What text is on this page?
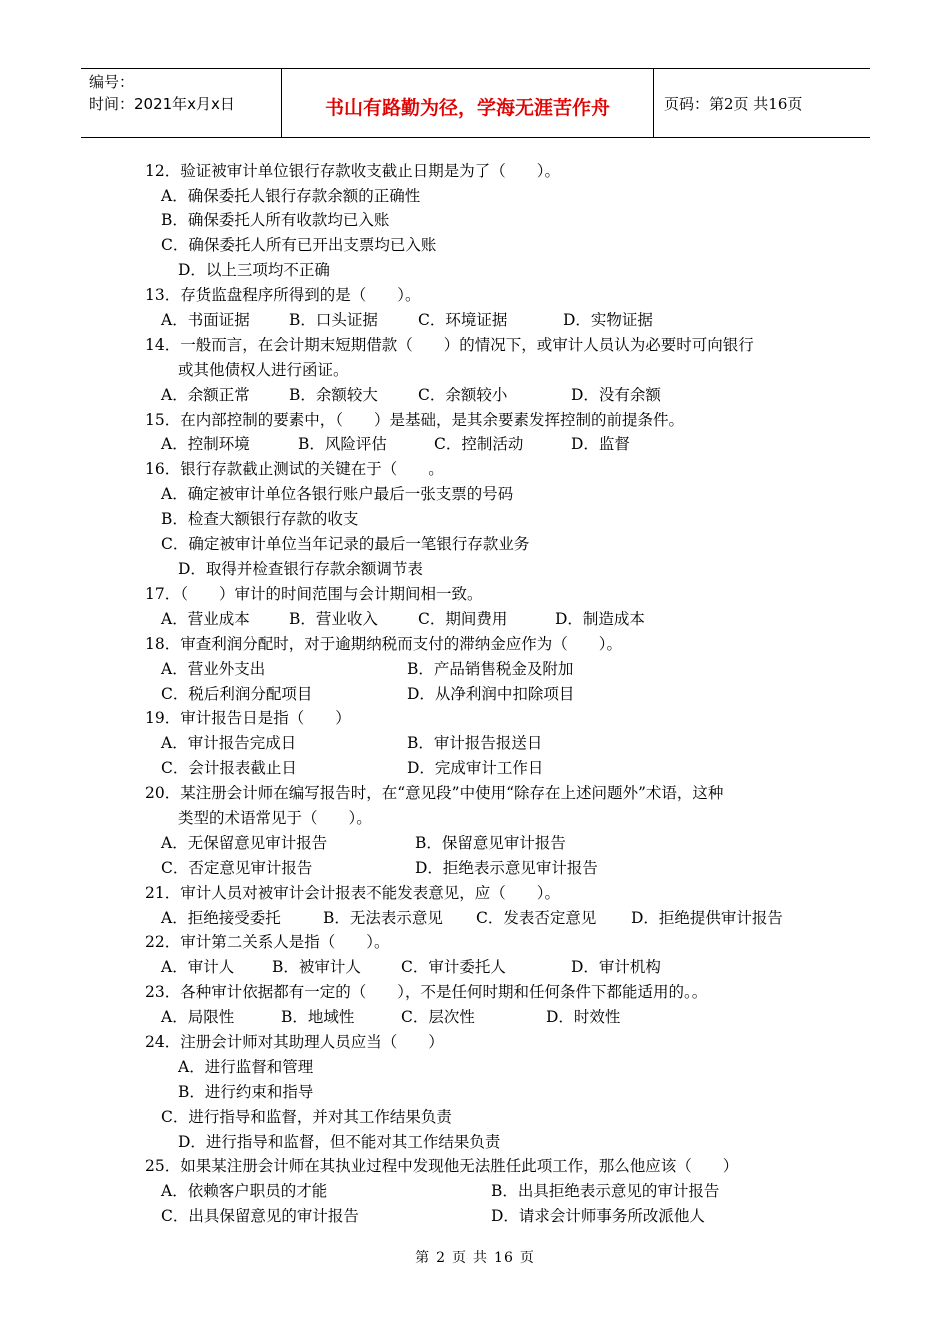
编号：
时间：2021年x月x日	书山有路勤为径，学海无涯苦作舟	页码：第2页 共16页
12．验证被审计单位银行存款收支截止日期是为了（　　）。
A．确保委托人银行存款余额的正确性
B．确保委托人所有收款均已入账
C．确保委托人所有已开出支票均已入账
D．以上三项均不正确
13．存货监盘程序所得到的是（　　）。
A．书面证据	B．口头证据	C．环境证据	D．实物证据
14．一般而言，在会计期末短期借款（　　）的情况下，或审计人员认为必要时可向银行
或其他债权人进行函证。
A．余额正常	B．余额较大	C．余额较小	D．没有余额
15．在内部控制的要素中，（　　）是基础，是其余要素发挥控制的前提条件。
A．控制环境	B．风险评估	C．控制活动	D．监督
16．银行存款截止测试的关键在于（　　。
A．确定被审计单位各银行账户最后一张支票的号码
B．检查大额银行存款的收支
C．确定被审计单位当年记录的最后一笔银行存款业务
D．取得并检查银行存款余额调节表
17．（　　）审计的时间范围与会计期间相一致。
A．营业成本	B．营业收入	C．期间费用	D．制造成本
18．审查利润分配时，对于逾期纳税而支付的滞纳金应作为（　　）。
A．营业外支出	B．产品销售税金及附加
C．税后利润分配项目	D．从净利润中扣除项目
19．审计报告日是指（　　）
A．审计报告完成日	B．审计报告报送日
C．会计报表截止日	D．完成审计工作日
20．某注册会计师在编写报告时，在“意见段”中使用“除存在上述问题外”术语，这种
类型的术语常见于（　　）。
A．无保留意见审计报告	B．保留意见审计报告
C．否定意见审计报告	D．拒绝表示意见审计报告
21．审计人员对被审计会计报表不能发表意见，应（　　）。
A．拒绝接受委托	B．无法表示意见 C．发表否定意见 D．拒绝提供审计报告
22．审计第二关系人是指（　　）。
A．审计人 B．被审计人	C．审计委托人	D．审计机构
23．各种审计依据都有一定的（　　），不是任何时期和任何条件下都能适用的。。
A．局限性	B．地域性	C．层次性	D．时效性
24．注册会计师对其助理人员应当（　　）
A．进行监督和管理
B．进行约束和指导
C．进行指导和监督，并对其工作结果负责
D．进行指导和监督，但不能对其工作结果负责
25．如果某注册会计师在其执业过程中发现他无法胜任此项工作，那么他应该（　　）
A．依赖客户职员的才能	B．出具拒绝表示意见的审计报告
C．出具保留意见的审计报告	D．请求会计师事务所改派他人
第 2 页 共 16 页
